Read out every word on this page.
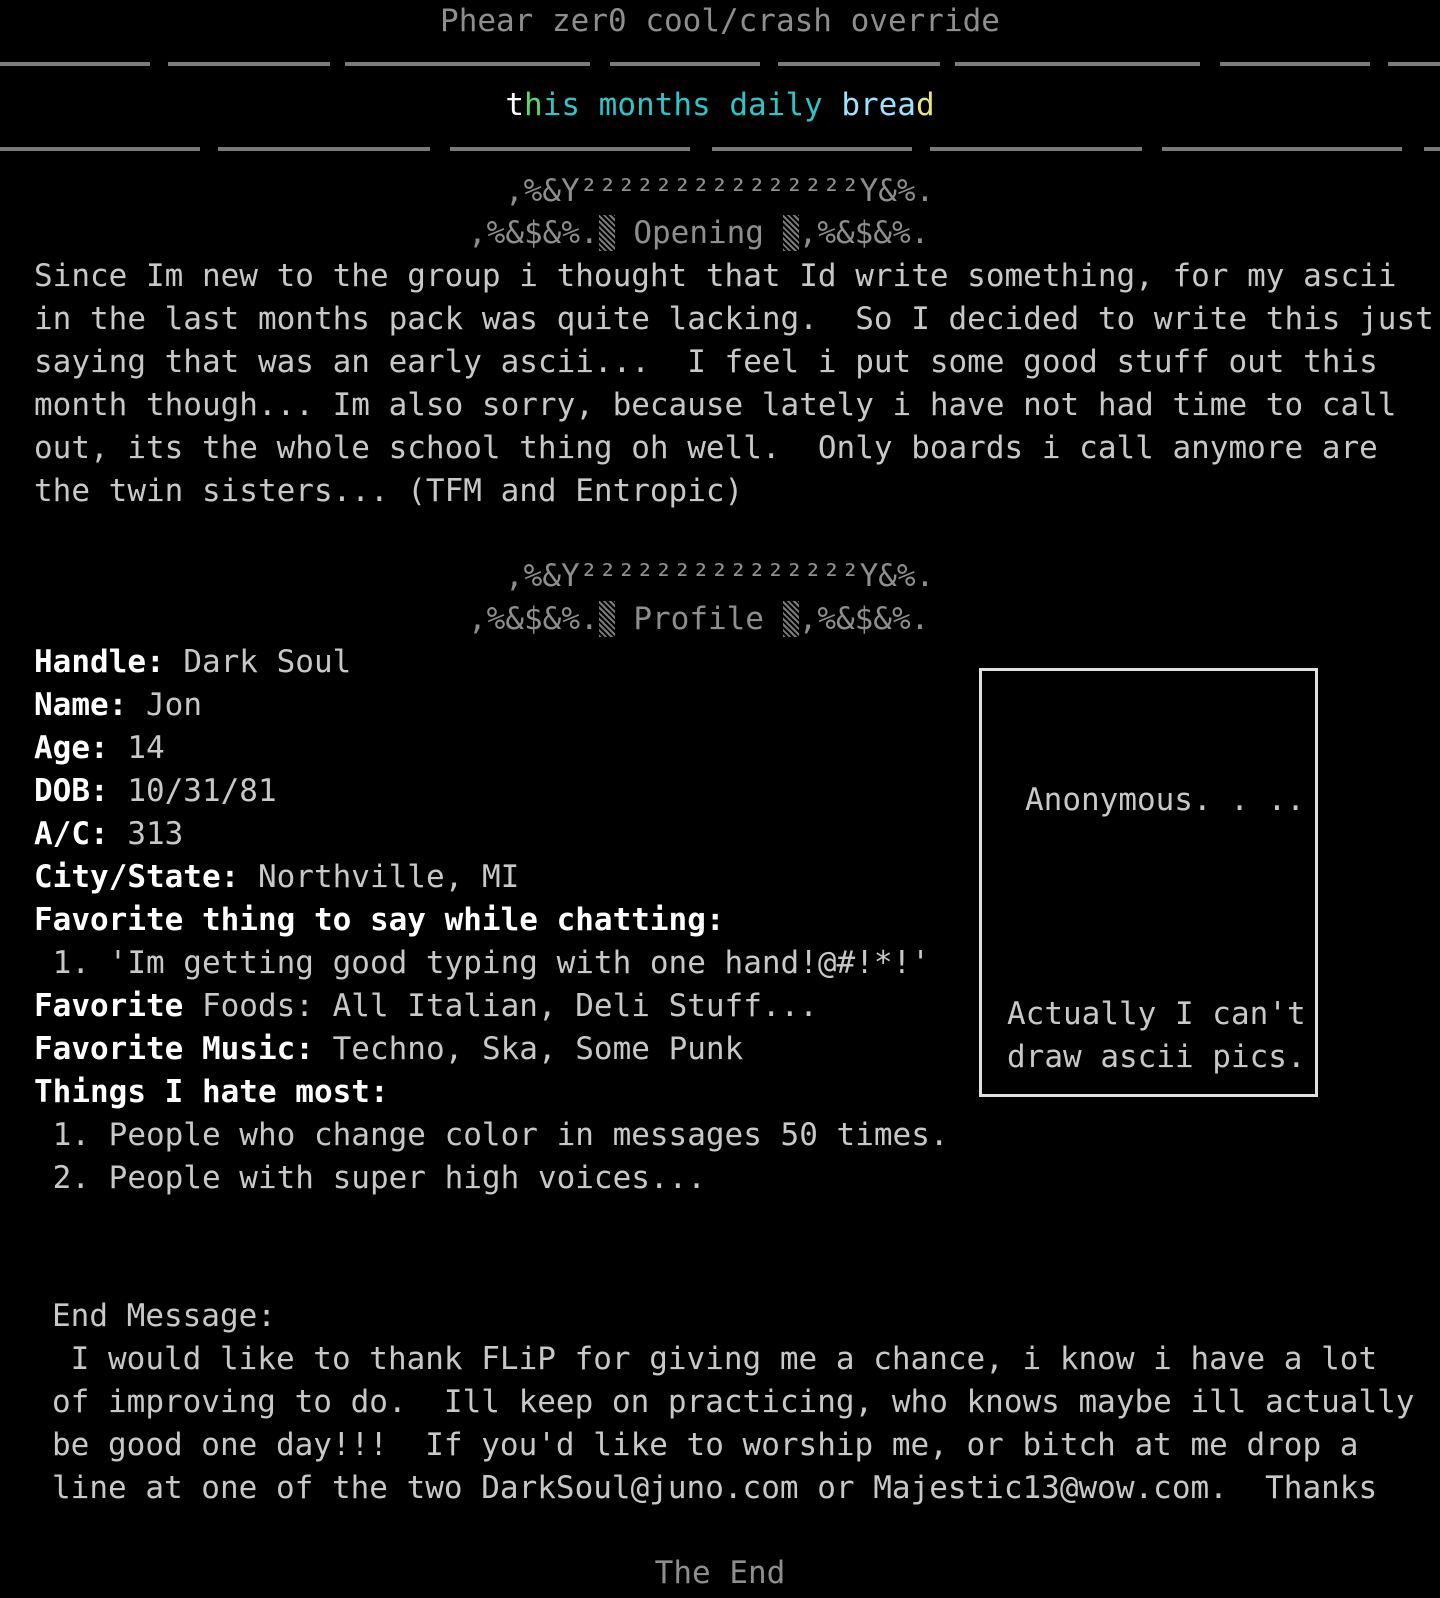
Phear zer0 cool/crash override
this months daily bread
,%&Y²²²²²²²²²²²²²²²Y&%.
,%&$&%. Opening ,%&$&%.
Since Im new to the group i thought that Id write something, for my ascii
in the last months pack was quite lacking.  So I decided to write this just
saying that was an early ascii...  I feel i put some good stuff out this
month though... Im also sorry, because lately i have not had time to call
out, its the whole school thing oh well.  Only boards i call anymore are
the twin sisters... (TFM and Entropic)
,%&Y²²²²²²²²²²²²²²²Y&%.
,%&$&%. Profile ,%&$&%.
Handle: Dark Soul
Name: Jon
Age: 14
DOB: 10/31/81
A/C: 313
City/State: Northville, MI
Favorite thing to say while chatting:
1. 'Im getting good typing with one hand!@#!*!'
Favorite Foods: All Italian, Deli Stuff...
Favorite Music: Techno, Ska, Some Punk
Things I hate most:
1. People who change color in messages 50 times.
2. People with super high voices...
Anonymous. . ..
Actually I can't
draw ascii pics.
End Message:
I would like to thank FLiP for giving me a chance, i know i have a lot
of improving to do.  Ill keep on practicing, who knows maybe ill actually
be good one day!!!  If you'd like to worship me, or bitch at me drop a
line at one of the two DarkSoul@juno.com or Majestic13@wow.com.  Thanks
The End
